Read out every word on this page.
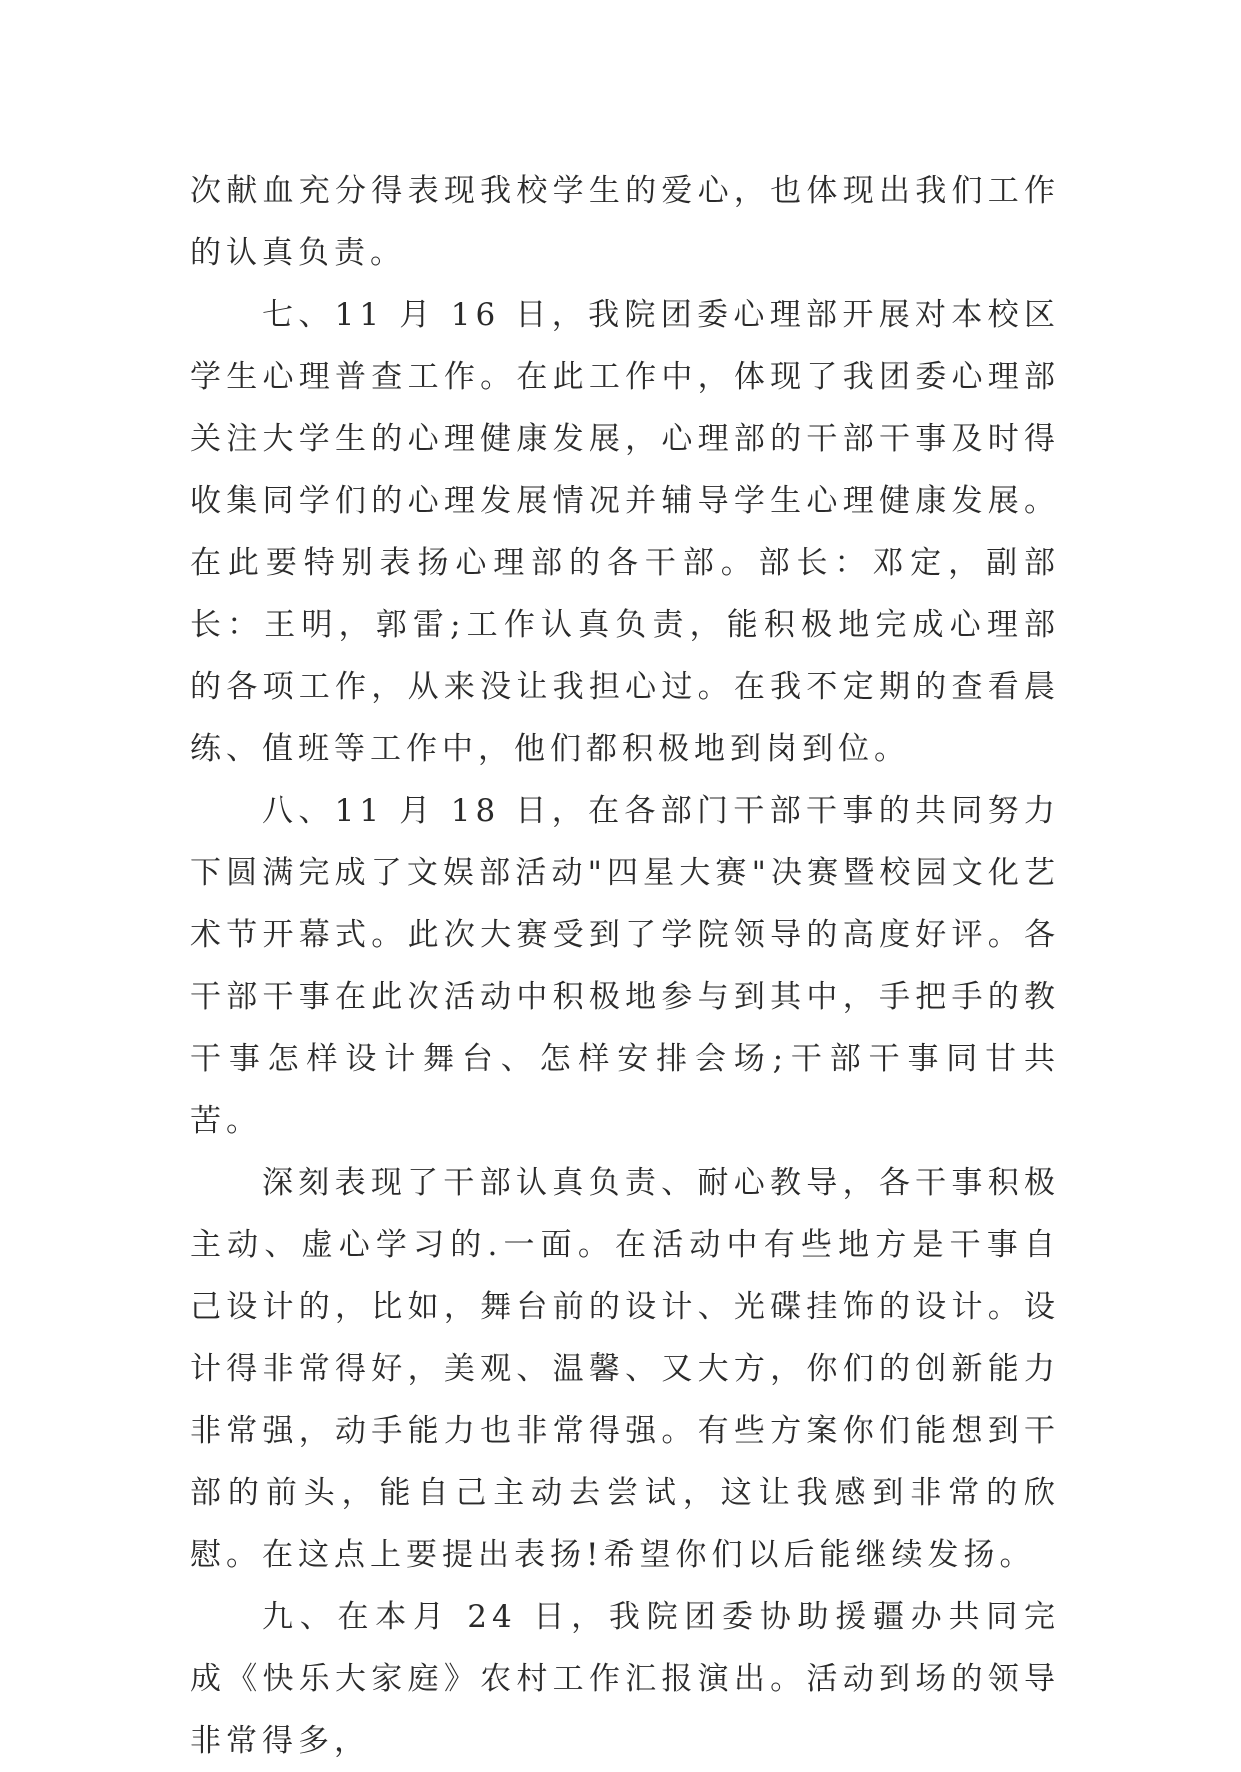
次献血充分得表现我校学生的爱心，也体现出我们工作的认真负责。

七、11 月 16 日，我院团委心理部开展对本校区学生心理普查工作。在此工作中，体现了我团委心理部关注大学生的心理健康发展，心理部的干部干事及时得收集同学们的心理发展情况并辅导学生心理健康发展。在此要特别表扬心理部的各干部。部长：邓定，副部长：王明，郭雷;工作认真负责，能积极地完成心理部的各项工作，从来没让我担心过。在我不定期的查看晨练、值班等工作中，他们都积极地到岗到位。

八、11 月 18 日，在各部门干部干事的共同努力下圆满完成了文娱部活动"四星大赛"决赛暨校园文化艺术节开幕式。此次大赛受到了学院领导的高度好评。各干部干事在此次活动中积极地参与到其中，手把手的教干事怎样设计舞台、怎样安排会场;干部干事同甘共苦。

深刻表现了干部认真负责、耐心教导，各干事积极主动、虚心学习的.一面。在活动中有些地方是干事自己设计的，比如，舞台前的设计、光碟挂饰的设计。设计得非常得好，美观、温馨、又大方，你们的创新能力非常强，动手能力也非常得强。有些方案你们能想到干部的前头，能自己主动去尝试，这让我感到非常的欣慰。在这点上要提出表扬!希望你们以后能继续发扬。

九、在本月 24 日，我院团委协助援疆办共同完成《快乐大家庭》农村工作汇报演出。活动到场的领导非常得多，
